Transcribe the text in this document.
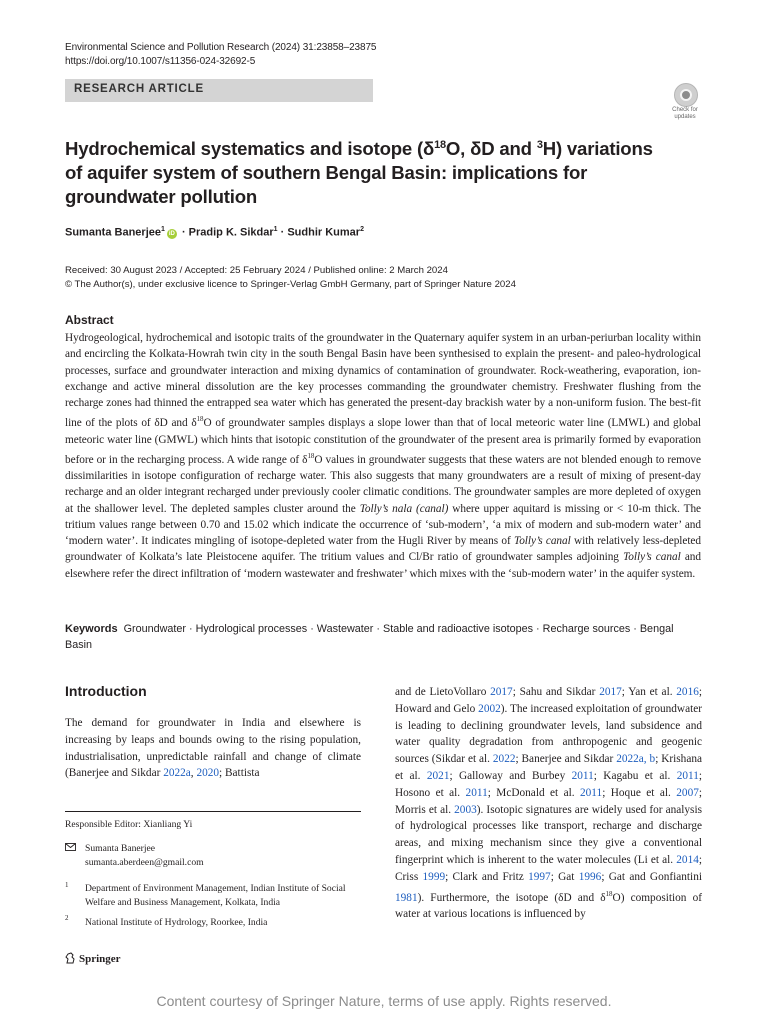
Environmental Science and Pollution Research (2024) 31:23858–23875
https://doi.org/10.1007/s11356-024-32692-5
RESEARCH ARTICLE
Check for
updates
Hydrochemical systematics and isotope ($\delta^{18}O$, δD and $^3$H) variations of aquifer system of southern Bengal Basin: implications for groundwater pollution
Sumanta Banerjee$^1$iD · Pradip K. Sikdar$^1$ · Sudhir Kumar$^2$
Received: 30 August 2023 / Accepted: 25 February 2024 / Published online: 2 March 2024
© The Author(s), under exclusive licence to Springer-Verlag GmbH Germany, part of Springer Nature 2024
Abstract
Hydrogeological, hydrochemical and isotopic traits of the groundwater in the Quaternary aquifer system in an urban-periurban locality within and encircling the Kolkata-Howrah twin city in the south Bengal Basin have been synthesised to explain the present- and paleo-hydrological processes, surface and groundwater interaction and mixing dynamics of contamination of groundwater. Rock-weathering, evaporation, ion-exchange and active mineral dissolution are the key processes commanding the groundwater chemistry. Freshwater flushing from the recharge zones had thinned the entrapped sea water which has generated the present-day brackish water by a non-uniform fusion. The best-fit line of the plots of δD and $\delta^{18}O$ of groundwater samples displays a slope lower than that of local meteoric water line (LMWL) and global meteoric water line (GMWL) which hints that isotopic constitution of the groundwater of the present area is primarily formed by evaporation before or in the recharging process. A wide range of $\delta^{18}O$ values in groundwater suggests that these waters are not blended enough to remove dissimilarities in isotope configuration of recharge water. This also suggests that many groundwaters are a result of mixing of present-day recharge and an older integrant recharged under previously cooler climatic conditions. The groundwater samples are more depleted of oxygen at the shallower level. The depleted samples cluster around the Tolly’s nala (canal) where upper aquitard is missing or < 10-m thick. The tritium values range between 0.70 and 15.02 which indicate the occurrence of ‘sub-modern’, ‘a mix of modern and sub-modern water’ and ‘modern water’. It indicates mingling of isotope-depleted water from the Hugli River by means of Tolly’s canal with relatively less-depleted groundwater of Kolkata’s late Pleistocene aquifer. The tritium values and Cl/Br ratio of groundwater samples adjoining Tolly’s canal and elsewhere refer the direct infiltration of ‘modern wastewater and freshwater’ which mixes with the ‘sub-modern water’ in the aquifer system.
Keywords Groundwater · Hydrological processes · Wastewater · Stable and radioactive isotopes · Recharge sources · Bengal Basin
Introduction
The demand for groundwater in India and elsewhere is increasing by leaps and bounds owing to the rising population, industrialisation, unpredictable rainfall and change of climate (Banerjee and Sikdar 2022a, 2020; Battista
and de LietoVollaro 2017; Sahu and Sikdar 2017; Yan et al. 2016; Howard and Gelo 2002). The increased exploitation of groundwater is leading to declining groundwater levels, land subsidence and water quality degradation from anthropogenic and geogenic sources (Sikdar et al. 2022; Banerjee and Sikdar 2022a, b; Krishana et al. 2021; Galloway and Burbey 2011; Kagabu et al. 2011; Hosono et al. 2011; McDonald et al. 2011; Hoque et al. 2007; Morris et al. 2003). Isotopic signatures are widely used for analysis of hydrological processes like transport, recharge and discharge areas, and mixing mechanism since they give a conventional fingerprint which is inherent to the water molecules (Li et al. 2014; Criss 1999; Clark and Fritz 1997; Gat 1996; Gat and Gonfiantini 1981). Furthermore, the isotope (δD and $\delta^{18}O$) composition of water at various locations is influenced by
Responsible Editor: Xianliang Yi
Sumanta Banerjee
sumanta.aberdeen@gmail.com
1 Department of Environment Management, Indian Institute of Social Welfare and Business Management, Kolkata, India
2 National Institute of Hydrology, Roorkee, India
Springer
Content courtesy of Springer Nature, terms of use apply. Rights reserved.
